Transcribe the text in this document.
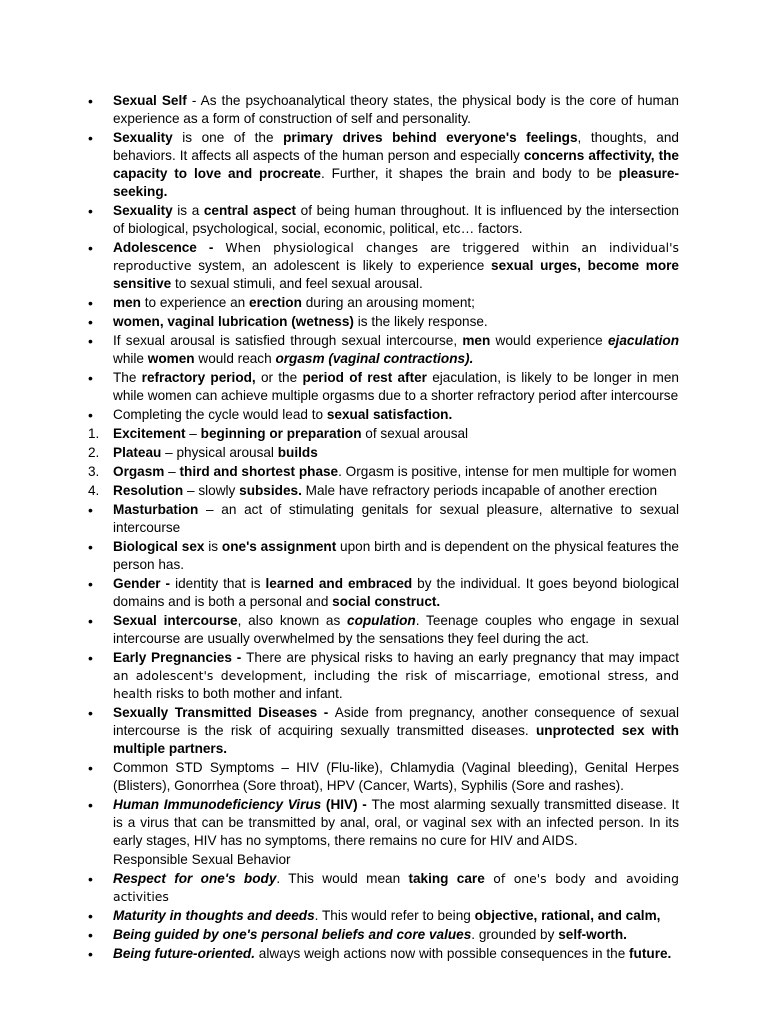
•
Sexual Self - As the psychoanalytical theory states, the physical body is the core of human experience as a form of construction of self and personality.
•
Sexuality is one of the primary drives behind everyone's feelings, thoughts, and behaviors. It affects all aspects of the human person and especially concerns affectivity, the capacity to love and procreate. Further, it shapes the brain and body to be pleasure-seeking.
•
Sexuality is a central aspect of being human throughout. It is influenced by the intersection of biological, psychological, social, economic, political, etc… factors.
•
Adolescence - When physiological changes are triggered within an individual's reproductive system, an adolescent is likely to experience sexual urges, become more sensitive to sexual stimuli, and feel sexual arousal.
•
men to experience an erection during an arousing moment;
•
women, vaginal lubrication (wetness) is the likely response.
•
If sexual arousal is satisfied through sexual intercourse, men would experience ejaculation while women would reach orgasm (vaginal contractions).
•
The refractory period, or the period of rest after ejaculation, is likely to be longer in men while women can achieve multiple orgasms due to a shorter refractory period after intercourse
•
Completing the cycle would lead to sexual satisfaction.
1.	Excitement – beginning or preparation of sexual arousal
2.	Plateau – physical arousal builds
3.	Orgasm – third and shortest phase. Orgasm is positive, intense for men multiple for women
4.	Resolution – slowly subsides. Male have refractory periods incapable of another erection
•
Masturbation – an act of stimulating genitals for sexual pleasure, alternative to sexual intercourse
•
Biological sex is one's assignment upon birth and is dependent on the physical features the person has.
•
Gender - identity that is learned and embraced by the individual. It goes beyond biological domains and is both a personal and social construct.
•
Sexual intercourse, also known as copulation. Teenage couples who engage in sexual intercourse are usually overwhelmed by the sensations they feel during the act.
•
Early Pregnancies - There are physical risks to having an early pregnancy that may impact an adolescent's development, including the risk of miscarriage, emotional stress, and health risks to both mother and infant.
•
Sexually Transmitted Diseases - Aside from pregnancy, another consequence of sexual intercourse is the risk of acquiring sexually transmitted diseases. unprotected sex with multiple partners.
•
Common STD Symptoms – HIV (Flu-like), Chlamydia (Vaginal bleeding), Genital Herpes (Blisters), Gonorrhea (Sore throat), HPV (Cancer, Warts), Syphilis (Sore and rashes).
•
Human Immunodeficiency Virus (HIV) - The most alarming sexually transmitted disease. It is a virus that can be transmitted by anal, oral, or vaginal sex with an infected person. In its early stages, HIV has no symptoms, there remains no cure for HIV and AIDS.
Responsible Sexual Behavior
•
Respect for one's body. This would mean taking care of one's body and avoiding activities
•
Maturity in thoughts and deeds. This would refer to being objective, rational, and calm,
•
Being guided by one's personal beliefs and core values. grounded by self-worth.
•
Being future-oriented. always weigh actions now with possible consequences in the future.
